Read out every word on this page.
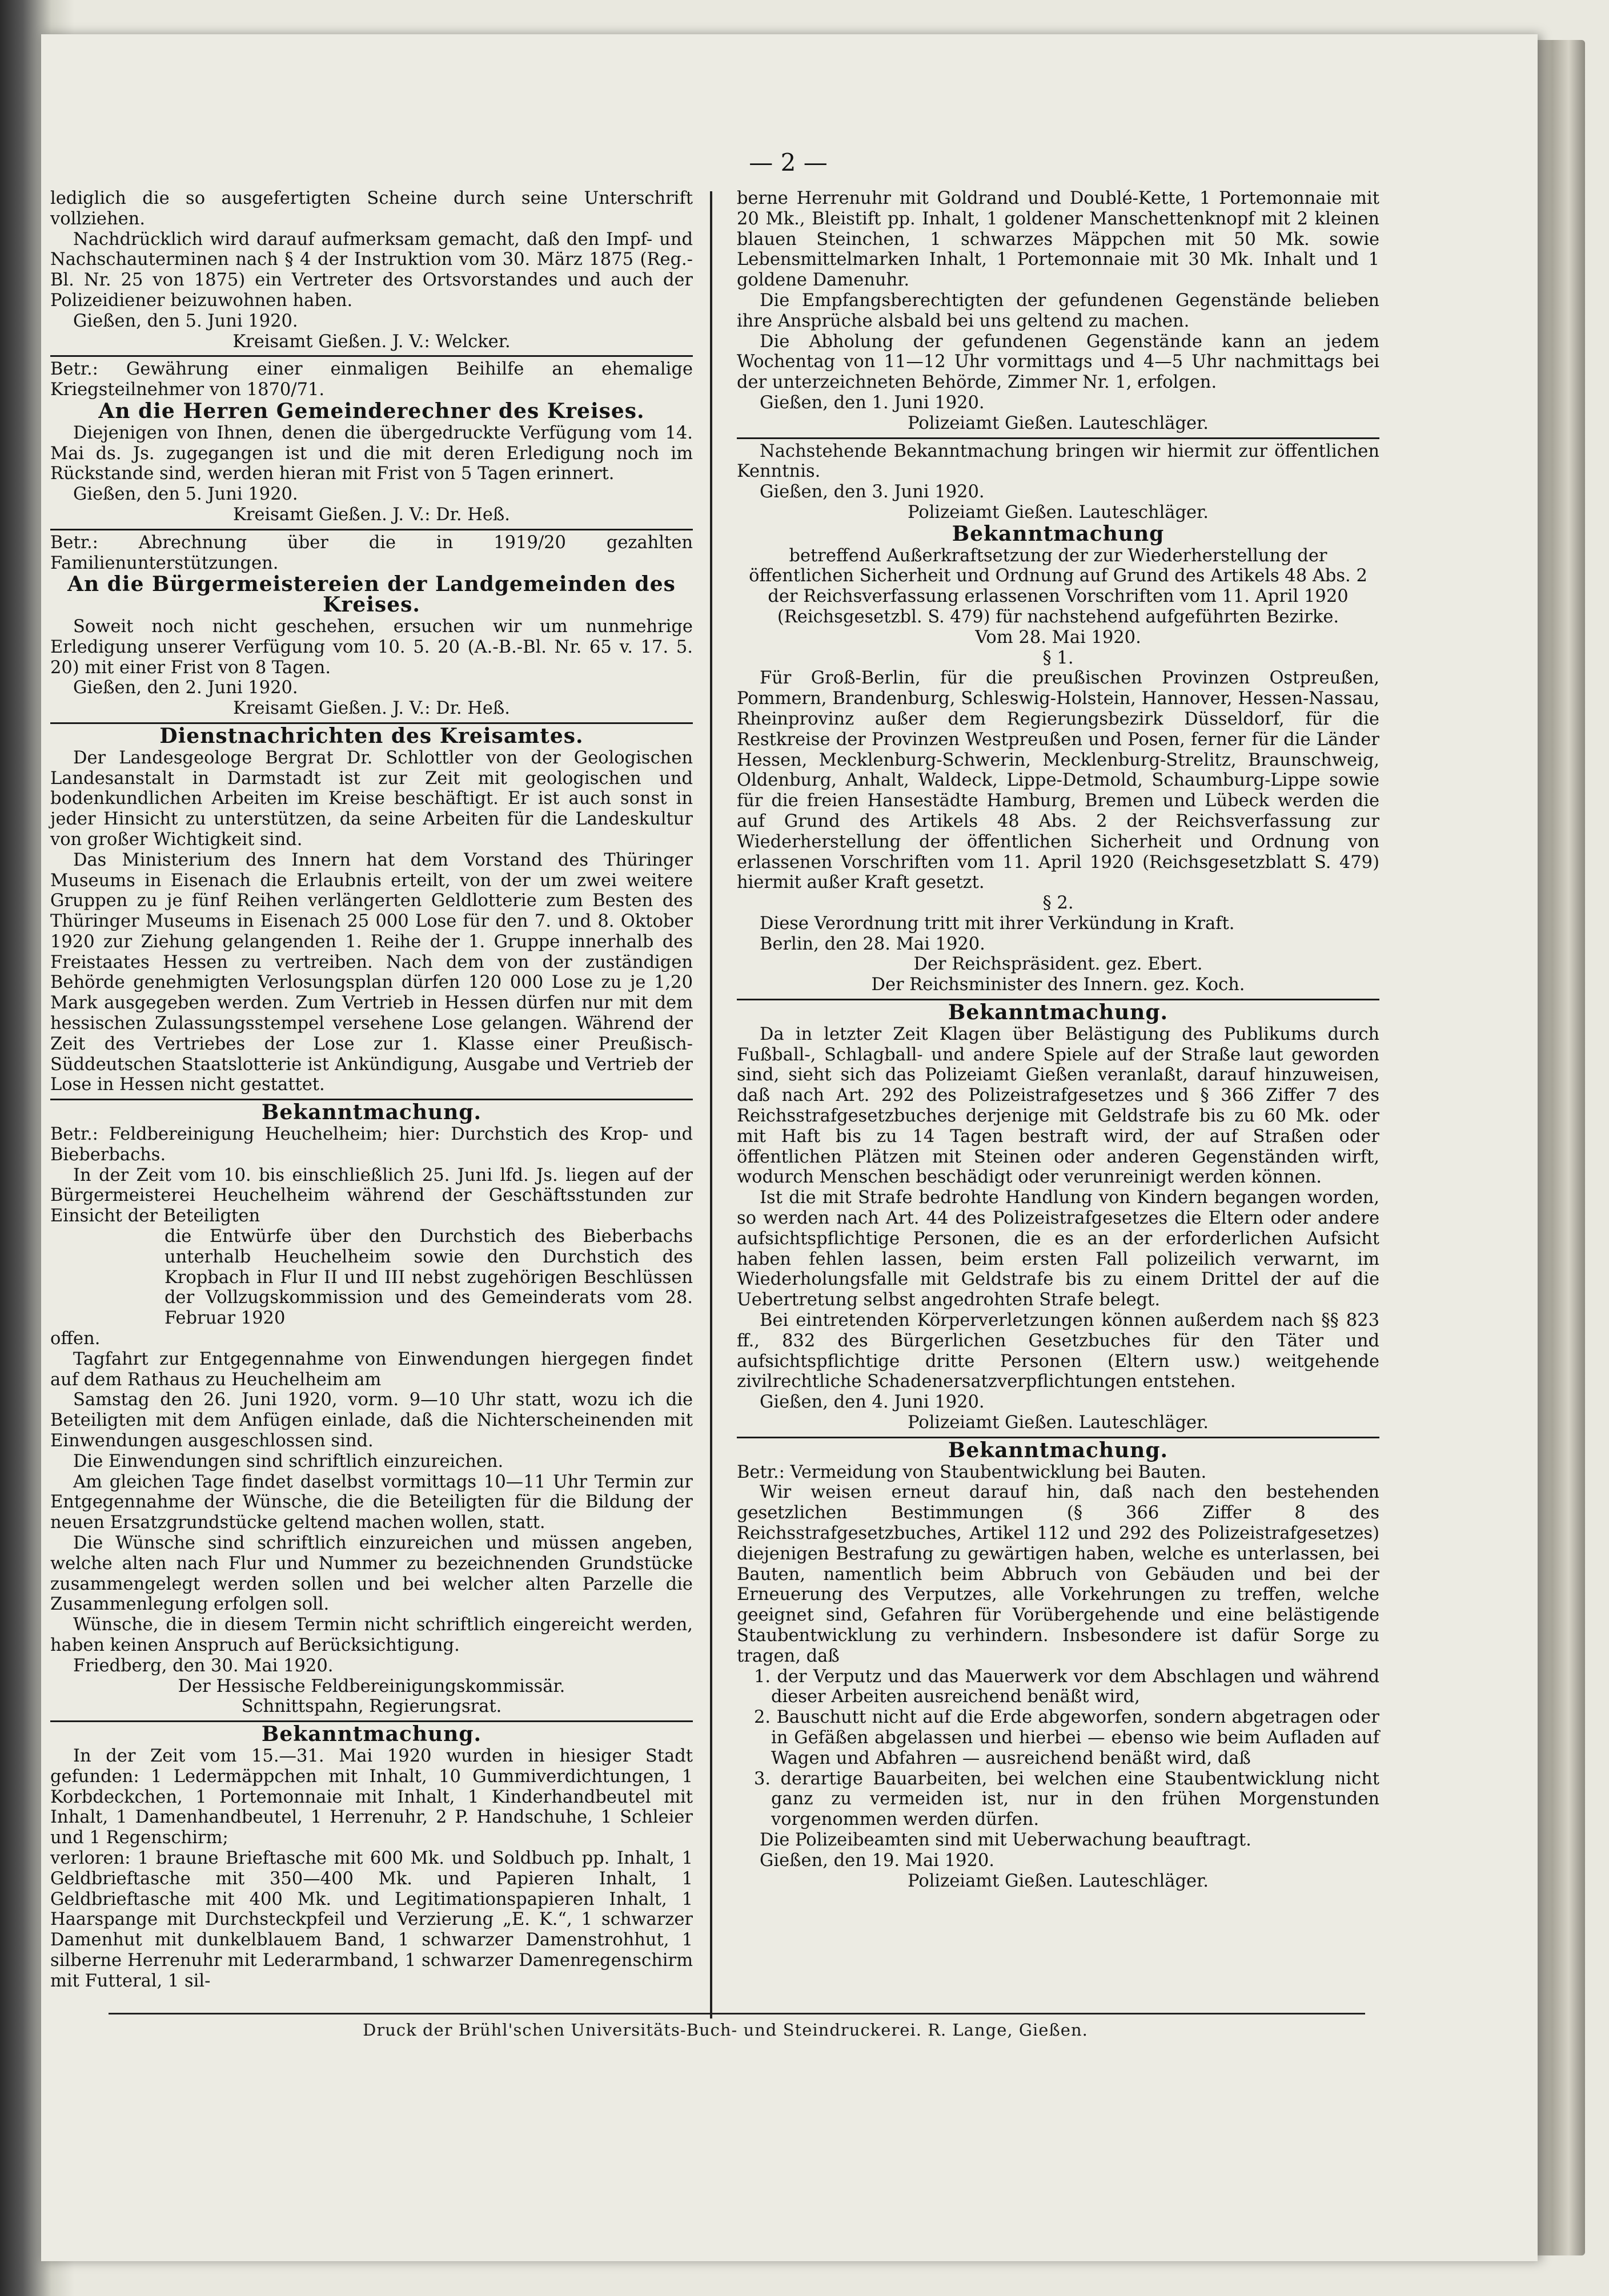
— 2 —

lediglich die so ausgefertigten Scheine durch seine Unterschrift vollziehen.

Nachdrücklich wird darauf aufmerksam gemacht, daß den Impf- und Nachschauterminen nach § 4 der Instruktion vom 30. März 1875 (Reg.-Bl. Nr. 25 von 1875) ein Vertreter des Ortsvorstandes und auch der Polizeidiener beizuwohnen haben.

Gießen, den 5. Juni 1920.

Kreisamt Gießen. J. V.: Welcker.

Betr.: Gewährung einer einmaligen Beihilfe an ehemalige Kriegsteilnehmer von 1870/71.

An die Herren Gemeinderechner des Kreises.

Diejenigen von Ihnen, denen die übergedruckte Verfügung vom 14. Mai ds. Js. zugegangen ist und die mit deren Erledigung noch im Rückstande sind, werden hieran mit Frist von 5 Tagen erinnert.

Gießen, den 5. Juni 1920.

Kreisamt Gießen. J. V.: Dr. Heß.

Betr.: Abrechnung über die in 1919/20 gezahlten Familienunterstützungen.

An die Bürgermeistereien der Landgemeinden des Kreises.

Soweit noch nicht geschehen, ersuchen wir um nunmehrige Erledigung unserer Verfügung vom 10. 5. 20 (A.-B.-Bl. Nr. 65 v. 17. 5. 20) mit einer Frist von 8 Tagen.

Gießen, den 2. Juni 1920.

Kreisamt Gießen. J. V.: Dr. Heß.

Dienstnachrichten des Kreisamtes.

Der Landesgeologe Bergrat Dr. Schlottler von der Geologischen Landesanstalt in Darmstadt ist zur Zeit mit geologischen und bodenkundlichen Arbeiten im Kreise beschäftigt. Er ist auch sonst in jeder Hinsicht zu unterstützen, da seine Arbeiten für die Landeskultur von großer Wichtigkeit sind.

Das Ministerium des Innern hat dem Vorstand des Thüringer Museums in Eisenach die Erlaubnis erteilt, von der um zwei weitere Gruppen zu je fünf Reihen verlängerten Geldlotterie zum Besten des Thüringer Museums in Eisenach 25 000 Lose für den 7. und 8. Oktober 1920 zur Ziehung gelangenden 1. Reihe der 1. Gruppe innerhalb des Freistaates Hessen zu vertreiben. Nach dem von der zuständigen Behörde genehmigten Verlosungsplan dürfen 120 000 Lose zu je 1,20 Mark ausgegeben werden. Zum Vertrieb in Hessen dürfen nur mit dem hessischen Zulassungsstempel versehene Lose gelangen. Während der Zeit des Vertriebes der Lose zur 1. Klasse einer Preußisch-Süddeutschen Staatslotterie ist Ankündigung, Ausgabe und Vertrieb der Lose in Hessen nicht gestattet.

Bekanntmachung.

Betr.: Feldbereinigung Heuchelheim; hier: Durchstich des Krop- und Bieberbachs.

In der Zeit vom 10. bis einschließlich 25. Juni lfd. Js. liegen auf der Bürgermeisterei Heuchelheim während der Geschäftsstunden zur Einsicht der Beteiligten

die Entwürfe über den Durchstich des Bieberbachs unterhalb Heuchelheim sowie den Durchstich des Kropbach in Flur II und III nebst zugehörigen Beschlüssen der Vollzugskommission und des Gemeinderats vom 28. Februar 1920

offen.

Tagfahrt zur Entgegennahme von Einwendungen hiergegen findet auf dem Rathaus zu Heuchelheim am

Samstag den 26. Juni 1920, vorm. 9—10 Uhr statt, wozu ich die Beteiligten mit dem Anfügen einlade, daß die Nichterscheinenden mit Einwendungen ausgeschlossen sind.

Die Einwendungen sind schriftlich einzureichen.

Am gleichen Tage findet daselbst vormittags 10—11 Uhr Termin zur Entgegennahme der Wünsche, die die Beteiligten für die Bildung der neuen Ersatzgrundstücke geltend machen wollen, statt.

Die Wünsche sind schriftlich einzureichen und müssen angeben, welche alten nach Flur und Nummer zu bezeichnenden Grundstücke zusammengelegt werden sollen und bei welcher alten Parzelle die Zusammenlegung erfolgen soll.

Wünsche, die in diesem Termin nicht schriftlich eingereicht werden, haben keinen Anspruch auf Berücksichtigung.

Friedberg, den 30. Mai 1920.

Der Hessische Feldbereinigungskommissär.

Schnittspahn, Regierungsrat.

Bekanntmachung.

In der Zeit vom 15.—31. Mai 1920 wurden in hiesiger Stadt gefunden: 1 Ledermäppchen mit Inhalt, 10 Gummiverdichtungen, 1 Korbdeckchen, 1 Portemonnaie mit Inhalt, 1 Kinderhandbeutel mit Inhalt, 1 Damenhandbeutel, 1 Herrenuhr, 2 P. Handschuhe, 1 Schleier und 1 Regenschirm;

verloren: 1 braune Brieftasche mit 600 Mk. und Soldbuch pp. Inhalt, 1 Geldbrieftasche mit 350—400 Mk. und Papieren Inhalt, 1 Geldbrieftasche mit 400 Mk. und Legitimationspapieren Inhalt, 1 Haarspange mit Durchsteckpfeil und Verzierung „E. K.“, 1 schwarzer Damenhut mit dunkelblauem Band, 1 schwarzer Damenstrohhut, 1 silberne Herrenuhr mit Lederarmband, 1 schwarzer Damenregenschirm mit Futteral, 1 sil-

berne Herrenuhr mit Goldrand und Doublé-Kette, 1 Portemonnaie mit 20 Mk., Bleistift pp. Inhalt, 1 goldener Manschettenknopf mit 2 kleinen blauen Steinchen, 1 schwarzes Mäppchen mit 50 Mk. sowie Lebensmittelmarken Inhalt, 1 Portemonnaie mit 30 Mk. Inhalt und 1 goldene Damenuhr.

Die Empfangsberechtigten der gefundenen Gegenstände belieben ihre Ansprüche alsbald bei uns geltend zu machen.

Die Abholung der gefundenen Gegenstände kann an jedem Wochentag von 11—12 Uhr vormittags und 4—5 Uhr nachmittags bei der unterzeichneten Behörde, Zimmer Nr. 1, erfolgen.

Gießen, den 1. Juni 1920.

Polizeiamt Gießen. Lauteschläger.

Nachstehende Bekanntmachung bringen wir hiermit zur öffentlichen Kenntnis.

Gießen, den 3. Juni 1920.

Polizeiamt Gießen. Lauteschläger.

Bekanntmachung

betreffend Außerkraftsetzung der zur Wiederherstellung der öffentlichen Sicherheit und Ordnung auf Grund des Artikels 48 Abs. 2 der Reichsverfassung erlassenen Vorschriften vom 11. April 1920 (Reichsgesetzbl. S. 479) für nachstehend aufgeführten Bezirke.

Vom 28. Mai 1920.

§ 1.

Für Groß-Berlin, für die preußischen Provinzen Ostpreußen, Pommern, Brandenburg, Schleswig-Holstein, Hannover, Hessen-Nassau, Rheinprovinz außer dem Regierungsbezirk Düsseldorf, für die Restkreise der Provinzen Westpreußen und Posen, ferner für die Länder Hessen, Mecklenburg-Schwerin, Mecklenburg-Strelitz, Braunschweig, Oldenburg, Anhalt, Waldeck, Lippe-Detmold, Schaumburg-Lippe sowie für die freien Hansestädte Hamburg, Bremen und Lübeck werden die auf Grund des Artikels 48 Abs. 2 der Reichsverfassung zur Wiederherstellung der öffentlichen Sicherheit und Ordnung von erlassenen Vorschriften vom 11. April 1920 (Reichsgesetzblatt S. 479) hiermit außer Kraft gesetzt.

§ 2.

Diese Verordnung tritt mit ihrer Verkündung in Kraft.

Berlin, den 28. Mai 1920.

Der Reichspräsident. gez. Ebert.

Der Reichsminister des Innern. gez. Koch.

Bekanntmachung.

Da in letzter Zeit Klagen über Belästigung des Publikums durch Fußball-, Schlagball- und andere Spiele auf der Straße laut geworden sind, sieht sich das Polizeiamt Gießen veranlaßt, darauf hinzuweisen, daß nach Art. 292 des Polizeistrafgesetzes und § 366 Ziffer 7 des Reichsstrafgesetzbuches derjenige mit Geldstrafe bis zu 60 Mk. oder mit Haft bis zu 14 Tagen bestraft wird, der auf Straßen oder öffentlichen Plätzen mit Steinen oder anderen Gegenständen wirft, wodurch Menschen beschädigt oder verunreinigt werden können.

Ist die mit Strafe bedrohte Handlung von Kindern begangen worden, so werden nach Art. 44 des Polizeistrafgesetzes die Eltern oder andere aufsichtspflichtige Personen, die es an der erforderlichen Aufsicht haben fehlen lassen, beim ersten Fall polizeilich verwarnt, im Wiederholungsfalle mit Geldstrafe bis zu einem Drittel der auf die Uebertretung selbst angedrohten Strafe belegt.

Bei eintretenden Körperverletzungen können außerdem nach §§ 823 ff., 832 des Bürgerlichen Gesetzbuches für den Täter und aufsichtspflichtige dritte Personen (Eltern usw.) weitgehende zivilrechtliche Schadenersatzverpflichtungen entstehen.

Gießen, den 4. Juni 1920.

Polizeiamt Gießen. Lauteschläger.

Bekanntmachung.

Betr.: Vermeidung von Staubentwicklung bei Bauten.

Wir weisen erneut darauf hin, daß nach den bestehenden gesetzlichen Bestimmungen (§ 366 Ziffer 8 des Reichsstrafgesetzbuches, Artikel 112 und 292 des Polizeistrafgesetzes) diejenigen Bestrafung zu gewärtigen haben, welche es unterlassen, bei Bauten, namentlich beim Abbruch von Gebäuden und bei der Erneuerung des Verputzes, alle Vorkehrungen zu treffen, welche geeignet sind, Gefahren für Vorübergehende und eine belästigende Staubentwicklung zu verhindern. Insbesondere ist dafür Sorge zu tragen, daß

1. der Verputz und das Mauerwerk vor dem Abschlagen und während dieser Arbeiten ausreichend benäßt wird,

2. Bauschutt nicht auf die Erde abgeworfen, sondern abgetragen oder in Gefäßen abgelassen und hierbei — ebenso wie beim Aufladen auf Wagen und Abfahren — ausreichend benäßt wird, daß

3. derartige Bauarbeiten, bei welchen eine Staubentwicklung nicht ganz zu vermeiden ist, nur in den frühen Morgenstunden vorgenommen werden dürfen.

Die Polizeibeamten sind mit Ueberwachung beauftragt.

Gießen, den 19. Mai 1920.

Polizeiamt Gießen. Lauteschläger.

Druck der Brühl'schen Universitäts-Buch- und Steindruckerei. R. Lange, Gießen.
